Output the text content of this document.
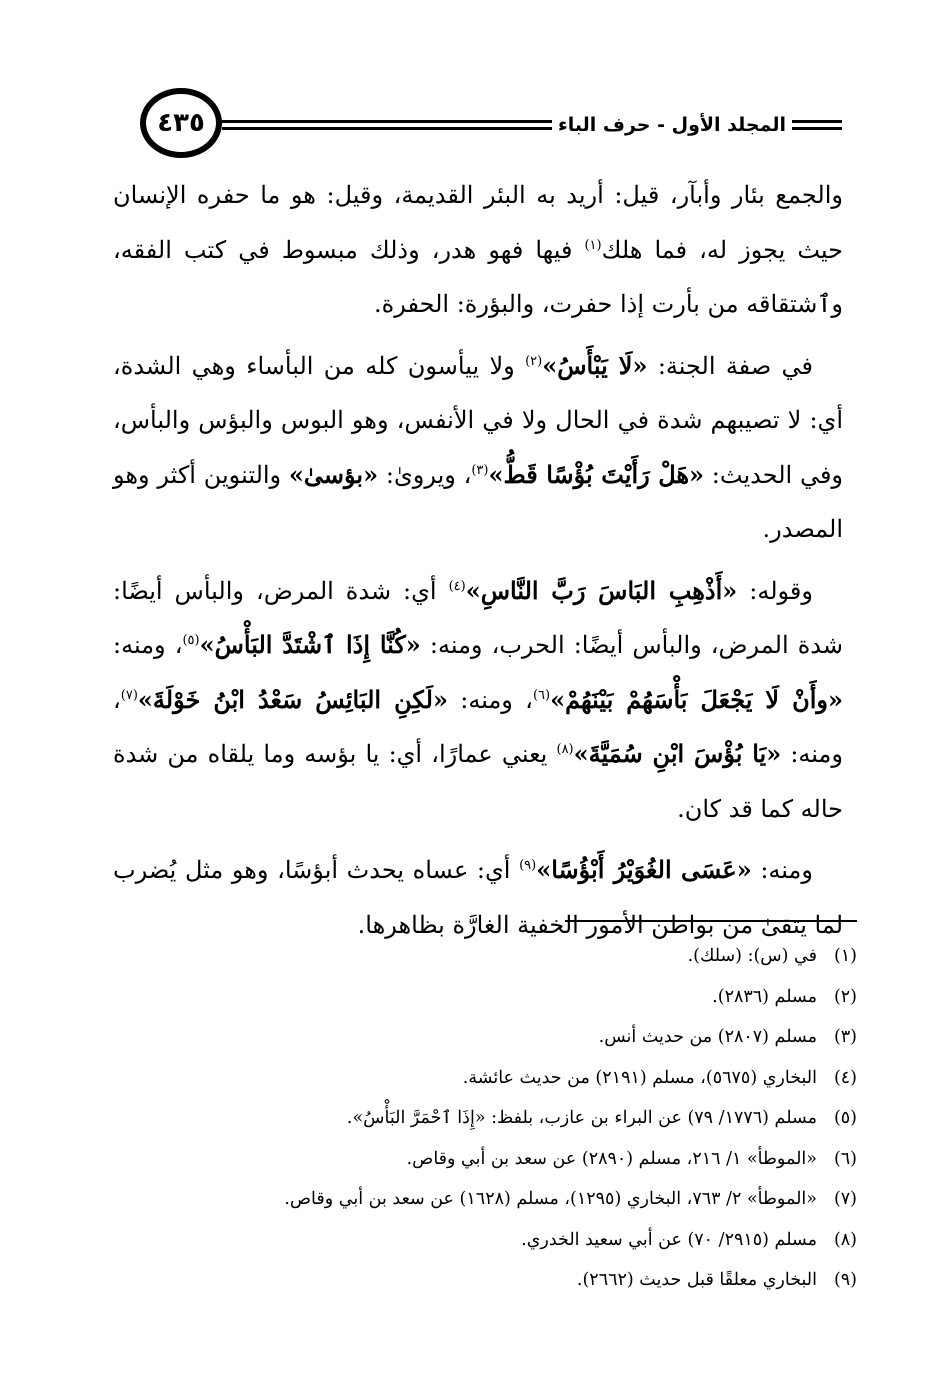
المجلد الأول - حرف الباء
٤٣٥

والجمع بئار وأبآر، قيل: أريد به البئر القديمة، وقيل: هو ما حفره الإنسان حيث يجوز له، فما هلك$^{(١)}$ فيها فهو هدر، وذلك مبسوط في كتب الفقه، وٱشتقاقه من بأرت إذا حفرت، والبؤرة: الحفرة.

في صفة الجنة: «لَا يَبْأَسُ»$^{(٢)}$ ولا ييأسون كله من البأساء وهي الشدة، أي: لا تصيبهم شدة في الحال ولا في الأنفس، وهو البوس والبؤس والبأس، وفي الحديث: «هَلْ رَأَيْتَ بُؤْسًا قَطُّ»$^{(٣)}$، ويروىٰ: «بؤسىٰ» والتنوين أكثر وهو المصدر.

وقوله: «أَذْهِبِ البَاسَ رَبَّ النَّاسِ»$^{(٤)}$ أي: شدة المرض، والبأس أيضًا: شدة المرض، والبأس أيضًا: الحرب، ومنه: «كُنَّا إِذَا ٱشْتَدَّ البَأْسُ»$^{(٥)}$، ومنه: «وأَنْ لَا يَجْعَلَ بَأْسَهُمْ بَيْنَهُمْ»$^{(٦)}$، ومنه: «لَكِنِ البَائِسُ سَعْدُ ابْنُ خَوْلَةَ»$^{(٧)}$، ومنه: «يَا بُؤْسَ ابْنِ سُمَيَّةَ»$^{(٨)}$ يعني عمارًا، أي: يا بؤسه وما يلقاه من شدة حاله كما قد كان.

ومنه: «عَسَى الغُوَيْرُ أَبْؤُسًا»$^{(٩)}$ أي: عساه يحدث أبؤسًا، وهو مثل يُضرب لما يتقىٰ من بواطن الأمور الخفية الغارَّة بظاهرها.

(١)في (س): (سلك).
(٢)مسلم (٢٨٣٦).
(٣)مسلم (٢٨٠٧) من حديث أنس.
(٤)البخاري (٥٦٧٥)، مسلم (٢١٩١) من حديث عائشة.
(٥)مسلم (١٧٧٦/ ٧٩) عن البراء بن عازب، بلفظ: «إِذَا ٱحْمَرَّ البَأْسُ».
(٦)«الموطأ» ١/ ٢١٦، مسلم (٢٨٩٠) عن سعد بن أبي وقاص.
(٧)«الموطأ» ٢/ ٧٦٣، البخاري (١٢٩٥)، مسلم (١٦٢٨) عن سعد بن أبي وقاص.
(٨)مسلم (٢٩١٥/ ٧٠) عن أبي سعيد الخدري.
(٩)البخاري معلقًا قبل حديث (٢٦٦٢).
